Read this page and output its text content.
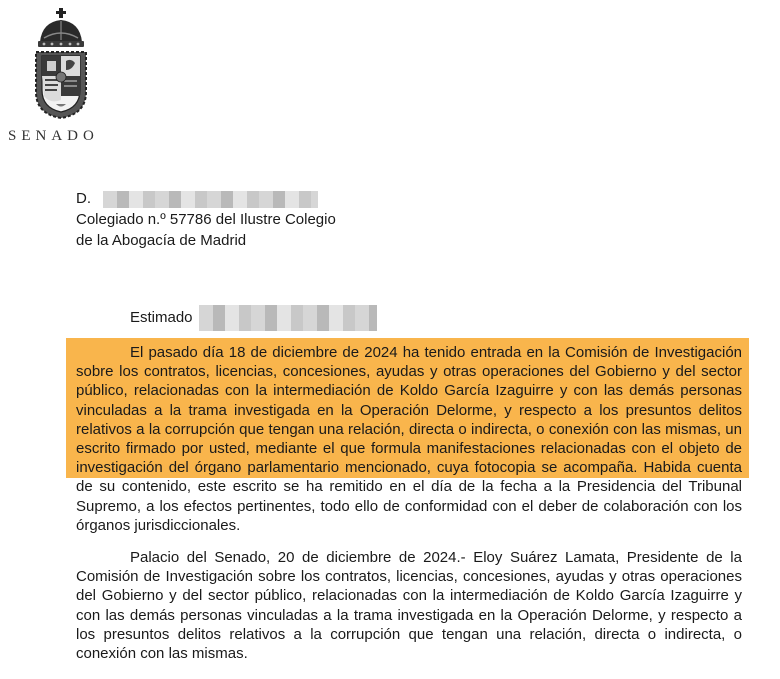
SENADO
D.
Colegiado n.º 57786 del Ilustre Colegio
de la Abogacía de Madrid
Estimado

El pasado día 18 de diciembre de 2024 ha tenido entrada en la Comisión de Investigación sobre los contratos, licencias, concesiones, ayudas y otras operaciones del Gobierno y del sector público, relacionadas con la intermediación de Koldo García Izaguirre y con las demás personas vinculadas a la trama investigada en la Operación Delorme, y respecto a los presuntos delitos relativos a la corrupción que tengan una relación, directa o indirecta, o conexión con las mismas, un escrito firmado por usted, mediante el que formula manifestaciones relacionadas con el objeto de investigación del órgano parlamentario mencionado, cuya fotocopia se acompaña. Habida cuenta de su contenido, este escrito se ha remitido en el día de la fecha a la Presidencia del Tribunal Supremo, a los efectos pertinentes, todo ello de conformidad con el deber de colaboración con los órganos jurisdiccionales.

Palacio del Senado, 20 de diciembre de 2024.- Eloy Suárez Lamata, Presidente de la Comisión de Investigación sobre los contratos, licencias, concesiones, ayudas y otras operaciones del Gobierno y del sector público, relacionadas con la intermediación de Koldo García Izaguirre y con las demás personas vinculadas a la trama investigada en la Operación Delorme, y respecto a los presuntos delitos relativos a la corrupción que tengan una relación, directa o indirecta, o conexión con las mismas.
